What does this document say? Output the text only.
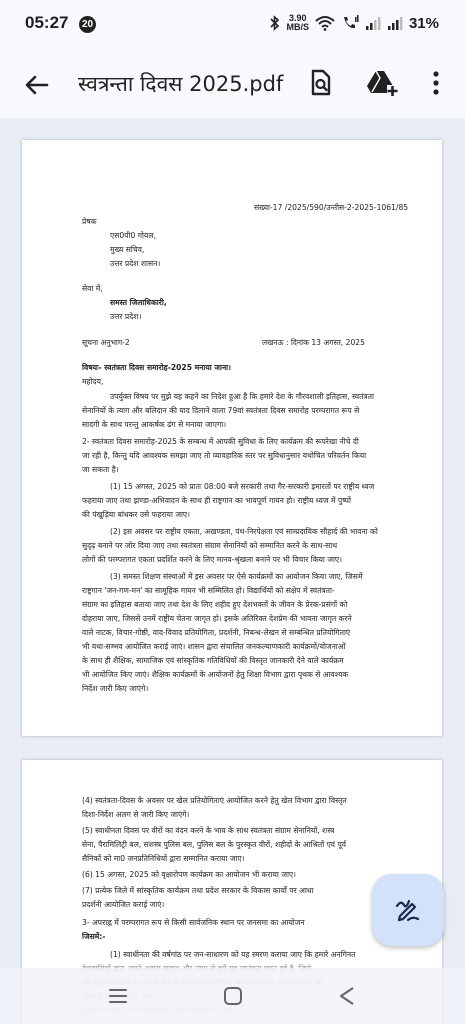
05:27 20
3.90
MB/S	31%
स्वत्रन्ता दिवस 2025.pdf
संख्या-17 /2025/590/उन्तीस-2-2025-1061/85
प्रेषक
एस0पी0 गोयल,
मुख्य सचिव,
उत्तर प्रदेश शासन।
सेवा में,
समस्त जिलाधिकारी,
उत्तर प्रदेश।
सूचना अनुभाग-2	लखनऊ : दिनांक 13 अगस्त, 2025
विषयः- स्वतंत्रता दिवस समारोह-2025 मनाया जाना।
महोदय,
उपर्युक्त विषय पर मुझे यह कहने का निदेश हुआ है कि हमारे देश के गौरवशाली इतिहास, स्वतंत्रता
सेनानियों के त्याग और बलिदान की याद दिलाने वाला 79वां स्वतंत्रता दिवस समारोह परम्परागत रूप से
सादगी के साथ परन्तु आकर्षक ढंग से मनाया जाएगा।
2- स्वतंत्रता दिवस समारोह-2025 के सम्बन्ध में आपकी सुविधा के लिए कार्यक्रम की रूपरेखा नीचे दी
जा रही है, किन्तु यदि आवश्यक समझा जाए तो व्यावहारिक स्तर पर सुविधानुसार यथोचित परिवर्तन किया
जा सकता है।
(1) 15 अगस्त, 2025 को प्रातः 08:00 बजे सरकारी तथा गैर-सरकारी इमारतों पर राष्ट्रीय ध्वज
फहराया जाए तथा झण्डा-अभिवादन के साथ ही राष्ट्रगान का भावपूर्ण गायन हो। राष्ट्रीय ध्वज में पुष्पों
की पंखुड़िया बांधकर उसे फहराया जाए।
(2) इस अवसर पर राष्ट्रीय एकता, अखण्डता, पंथ-निरपेक्षता एवं साम्प्रदायिक सौहार्द की भावना को
सुदृढ़ बनाने पर जोर दिया जाए तथा स्वतंत्रता संग्राम सेनानियों को सम्मानित करने के साथ-साथ
लोगों की परम्परागत एकता प्रदर्शित करने के लिए मानव-श्रृंखला बनाने पर भी विचार किया जाए।
(3) समस्त शिक्षण संस्थाओं में इस अवसर पर ऐसे कार्यक्रमों का आयोजन किया जाए, जिसमें
राष्ट्रगान 'जन-गण-मन' का सामूहिक गायन भी सम्मिलित हो। विद्यार्थियों को संक्षेप में स्वतंत्रता-
संग्राम का इतिहास बताया जाए तथा देश के लिए शहीद हुए देशभक्तों के जीवन के प्रेरक-प्रसंगों को
दोहराया जाए, जिससे उनमें राष्ट्रीय चेतना जागृत हो। इसके अतिरिक्त देशप्रेम की भावना जागृत करने
वाले नाटक, विचार-गोष्ठी, वाद-विवाद प्रतियोगिता, प्रदर्शनी, निबन्ध-लेखन से सम्बन्धित प्रतियोगिताएं
भी यथा-सम्भव आयोजित कराई जाएं। शासन द्वारा संचालित जनकल्याणकारी कार्यक्रमों/योजनाओं
के साथ ही शैक्षिक, सामाजिक एवं सांस्कृतिक गतिविधियों की विस्तृत जानकारी देने वाले कार्यक्रम
भी आयोजित किए जाएं। शैक्षिक कार्यक्रमों के आयोजनों हेतु शिक्षा विभाग द्वारा पृथक से आवश्यक
निर्देश जारी किए जाएंगे।
(4) स्वतंत्रता-दिवस के अवसर पर खेल प्रतियोगिताएं आयोजित करने हेतु खेल विभाग द्वारा विस्तृत
दिशा-निर्देश अलग से जारी किए जाएंगे।
(5) स्वाधीनता दिवस पर वीरों का वंदन करने के भाव के साथ स्वतंत्रता संग्राम सेनानियों, शस्त्र
सेना, पैरामिलिट्री बल, सशस्त्र पुलिस बल, पुलिस बल के पुरस्कृत वीरों, शहीदों के आश्रितों एवं पूर्व
सैनिकों को मा0 जनप्रतिनिधियों द्वारा सम्मानित कराया जाए।
(6) 15 अगस्त, 2025 को वृक्षारोपण कार्यक्रम का आयोजन भी कराया जाए।
(7) प्रत्येक जिले में सांस्कृतिक कार्यक्रम तथा प्रदेश सरकार के विकास कार्यों पर आधा
प्रदर्शनी आयोजित कराई जाएं।
3- अपराह्न में परम्परागत रूप से किसी सार्वजनिक स्थान पर जनसमा का आयोजन
जिसमें:-
(1) स्वाधीनता की वर्षगांठ पर जन-साधारण को यह स्मरण कराया जाए कि हमारे अनगिनत
